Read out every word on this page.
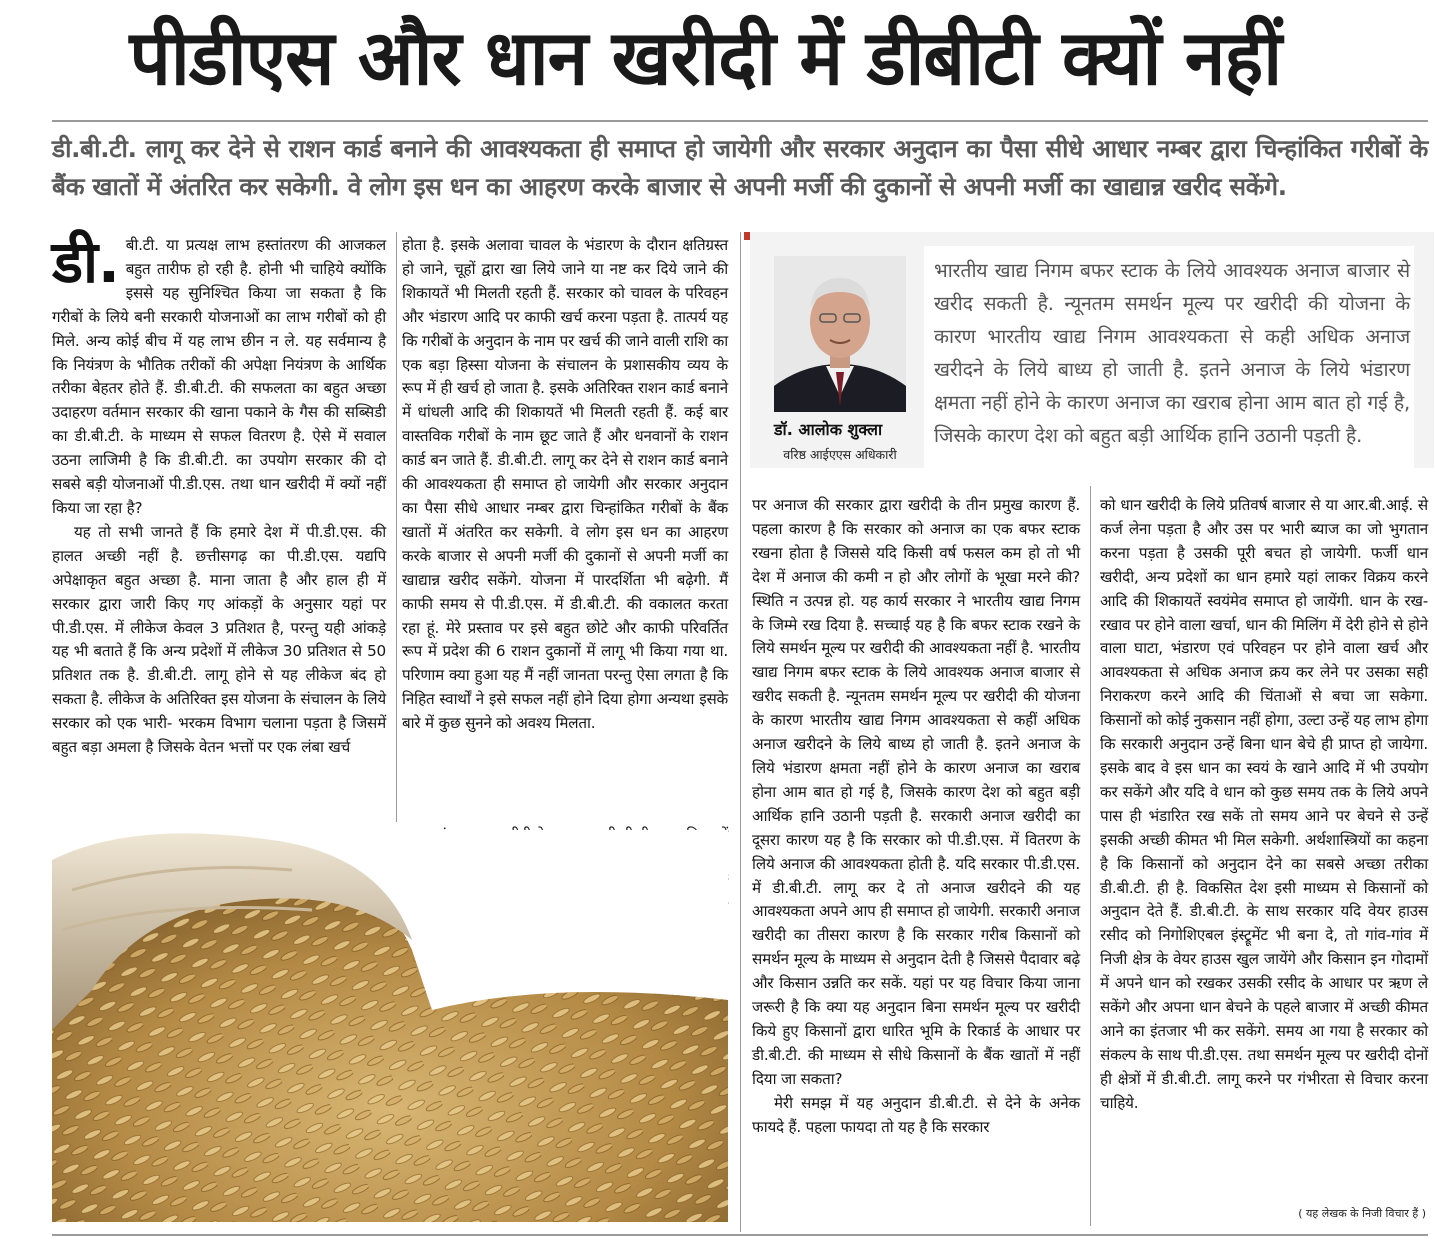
पीडीएस और धान खरीदी में डीबीटी क्यों नहीं
डी.बी.टी. लागू कर देने से राशन कार्ड बनाने की आवश्यकता ही समाप्त हो जायेगी और सरकार अनुदान का पैसा सीधे आधार नम्बर द्वारा चिन्हांकित गरीबों के बैंक खातों में अंतरित कर सकेगी. वे लोग इस धन का आहरण करके बाजार से अपनी मर्जी की दुकानों से अपनी मर्जी का खाद्यान्न खरीद सकेंगे.

डी. बी.टी. या प्रत्यक्ष लाभ हस्तांतरण की आजकल बहुत तारीफ हो रही है. होनी भी चाहिये क्योंकि इससे यह सुनिश्चित किया जा सकता है कि गरीबों के लिये बनी सरकारी योजनाओं का लाभ गरीबों को ही मिले. अन्य कोई बीच में यह लाभ छीन न ले. यह सर्वमान्य है कि नियंत्रण के भौतिक तरीकों की अपेक्षा नियंत्रण के आर्थिक तरीका बेहतर होते हैं. डी.बी.टी. की सफलता का बहुत अच्छा उदाहरण वर्तमान सरकार की खाना पकाने के गैस की सब्सिडी का डी.बी.टी. के माध्यम से सफल वितरण है. ऐसे में सवाल उठना लाजिमी है कि डी.बी.टी. का उपयोग सरकार की दो सबसे बड़ी योजनाओं पी.डी.एस. तथा धान खरीदी में क्यों नहीं किया जा रहा है?

यह तो सभी जानते हैं कि हमारे देश में पी.डी.एस. की हालत अच्छी नहीं है. छत्तीसगढ़ का पी.डी.एस. यद्यपि अपेक्षाकृत बहुत अच्छा है. माना जाता है और हाल ही में सरकार द्वारा जारी किए गए आंकड़ों के अनुसार यहां पर पी.डी.एस. में लीकेज केवल 3 प्रतिशत है, परन्तु यही आंकड़े यह भी बताते हैं कि अन्य प्रदेशों में लीकेज 30 प्रतिशत से 50 प्रतिशत तक है. डी.बी.टी. लागू होने से यह लीकेज बंद हो सकता है. लीकेज के अतिरिक्त इस योजना के संचालन के लिये सरकार को एक भारी- भरकम विभाग चलाना पड़ता है जिसमें बहुत बड़ा अमला है जिसके वेतन भत्तों पर एक लंबा खर्च

होता है. इसके अलावा चावल के भंडारण के दौरान क्षतिग्रस्त हो जाने, चूहों द्वारा खा लिये जाने या नष्ट कर दिये जाने की शिकायतें भी मिलती रहती हैं. सरकार को चावल के परिवहन और भंडारण आदि पर काफी खर्च करना पड़ता है. तात्पर्य यह कि गरीबों के अनुदान के नाम पर खर्च की जाने वाली राशि का एक बड़ा हिस्सा योजना के संचालन के प्रशासकीय व्यय के रूप में ही खर्च हो जाता है. इसके अतिरिक्त राशन कार्ड बनाने में धांधली आदि की शिकायतें भी मिलती रहती हैं. कई बार वास्तविक गरीबों के नाम छूट जाते हैं और धनवानों के राशन कार्ड बन जाते हैं. डी.बी.टी. लागू कर देने से राशन कार्ड बनाने की आवश्यकता ही समाप्त हो जायेगी और सरकार अनुदान का पैसा सीधे आधार नम्बर द्वारा चिन्हांकित गरीबों के बैंक खातों में अंतरित कर सकेगी. वे लोग इस धन का आहरण करके बाजार से अपनी मर्जी की दुकानों से अपनी मर्जी का खाद्यान्न खरीद सकेंगे. योजना में पारदर्शिता भी बढ़ेगी. मैं काफी समय से पी.डी.एस. में डी.बी.टी. की वकालत करता रहा हूं. मेरे प्रस्ताव पर इसे बहुत छोटे और काफी परिवर्तित रूप में प्रदेश की 6 राशन दुकानों में लागू भी किया गया था. परिणाम क्या हुआ यह मैं नहीं जानता परन्तु ऐसा लगता है कि निहित स्वार्थों ने इसे सफल नहीं होने दिया होगा अन्यथा इसके बारे में कुछ सुनने को अवश्य मिलता.

भारतीय खाद्य निगम बफर स्टाक के लिये आवश्यक अनाज बाजार से खरीद सकती है. न्यूनतम समर्थन मूल्य पर खरीदी की योजना के कारण भारतीय खाद्य निगम आवश्यकता से कही अधिक अनाज खरीदने के लिये बाध्य हो जाती है. इतने अनाज के लिये भंडारण क्षमता नहीं होने के कारण अनाज का खराब होना आम बात हो गई है, जिसके कारण देश को बहुत बड़ी आर्थिक हानि उठानी पड़ती है.
डॉ. आलोक शुक्ला
वरिष्ठ आईएएस अधिकारी

पर अनाज की सरकार द्वारा खरीदी के तीन प्रमुख कारण हैं. पहला कारण है कि सरकार को अनाज का एक बफर स्टाक रखना होता है जिससे यदि किसी वर्ष फसल कम हो तो भी देश में अनाज की कमी न हो और लोगों के भूखा मरने की? स्थिति न उत्पन्न हो. यह कार्य सरकार ने भारतीय खाद्य निगम के जिम्मे रख दिया है. सच्चाई यह है कि बफर स्टाक रखने के लिये समर्थन मूल्य पर खरीदी की आवश्यकता नहीं है. भारतीय खाद्य निगम बफर स्टाक के लिये आवश्यक अनाज बाजार से खरीद सकती है. न्यूनतम समर्थन मूल्य पर खरीदी की योजना के कारण भारतीय खाद्य निगम आवश्यकता से कहीं अधिक अनाज खरीदने के लिये बाध्य हो जाती है. इतने अनाज के लिये भंडारण क्षमता नहीं होने के कारण अनाज का खराब होना आम बात हो गई है, जिसके कारण देश को बहुत बड़ी आर्थिक हानि उठानी पड़ती है. सरकारी अनाज खरीदी का दूसरा कारण यह है कि सरकार को पी.डी.एस. में वितरण के लिये अनाज की आवश्यकता होती है. यदि सरकार पी.डी.एस. में डी.बी.टी. लागू कर दे तो अनाज खरीदने की यह आवश्यकता अपने आप ही समाप्त हो जायेगी. सरकारी अनाज खरीदी का तीसरा कारण है कि सरकार गरीब किसानों को समर्थन मूल्य के माध्यम से अनुदान देती है जिससे पैदावार बढ़े और किसान उन्नति कर सकें. यहां पर यह विचार किया जाना जरूरी है कि क्या यह अनुदान बिना समर्थन मूल्य पर खरीदी किये हुए किसानों द्वारा धारित भूमि के रिकार्ड के आधार पर डी.बी.टी. की माध्यम से सीधे किसानों के बैंक खातों में नहीं दिया जा सकता?

मेरी समझ में यह अनुदान डी.बी.टी. से देने के अनेक फायदे हैं. पहला फायदा तो यह है कि सरकार

को धान खरीदी के लिये प्रतिवर्ष बाजार से या आर.बी.आई. से कर्ज लेना पड़ता है और उस पर भारी ब्याज का जो भुगतान करना पड़ता है उसकी पूरी बचत हो जायेगी. फर्जी धान खरीदी, अन्य प्रदेशों का धान हमारे यहां लाकर विक्रय करने आदि की शिकायतें स्वयंमेव समाप्त हो जायेंगी. धान के रख-रखाव पर होने वाला खर्चा, धान की मिलिंग में देरी होने से होने वाला घाटा, भंडारण एवं परिवहन पर होने वाला खर्च और आवश्यकता से अधिक अनाज क्रय कर लेने पर उसका सही निराकरण करने आदि की चिंताओं से बचा जा सकेगा. किसानों को कोई नुकसान नहीं होगा, उल्टा उन्हें यह लाभ होगा कि सरकारी अनुदान उन्हें बिना धान बेचे ही प्राप्त हो जायेगा. इसके बाद वे इस धान का स्वयं के खाने आदि में भी उपयोग कर सकेंगे और यदि वे धान को कुछ समय तक के लिये अपने पास ही भंडारित रख सकें तो समय आने पर बेचने से उन्हें इसकी अच्छी कीमत भी मिल सकेगी. अर्थशास्त्रियों का कहना है कि किसानों को अनुदान देने का सबसे अच्छा तरीका डी.बी.टी. ही है. विकसित देश इसी माध्यम से किसानों को अनुदान देते हैं. डी.बी.टी. के साथ सरकार यदि वेयर हाउस रसीद को निगोशिएबल इंस्ट्रूमेंट भी बना दे, तो गांव-गांव में निजी क्षेत्र के वेयर हाउस खुल जायेंगे और किसान इन गोदामों में अपने धान को रखकर उसकी रसीद के आधार पर ऋण ले सकेंगे और अपना धान बेचने के पहले बाजार में अच्छी कीमत आने का इंतजार भी कर सकेंगे. समय आ गया है सरकार को संकल्प के साथ पी.डी.एस. तथा समर्थन मूल्य पर खरीदी दोनों ही क्षेत्रों में डी.बी.टी. लागू करने पर गंभीरता से विचार करना चाहिये.

( यह लेखक के निजी विचार हैं )
